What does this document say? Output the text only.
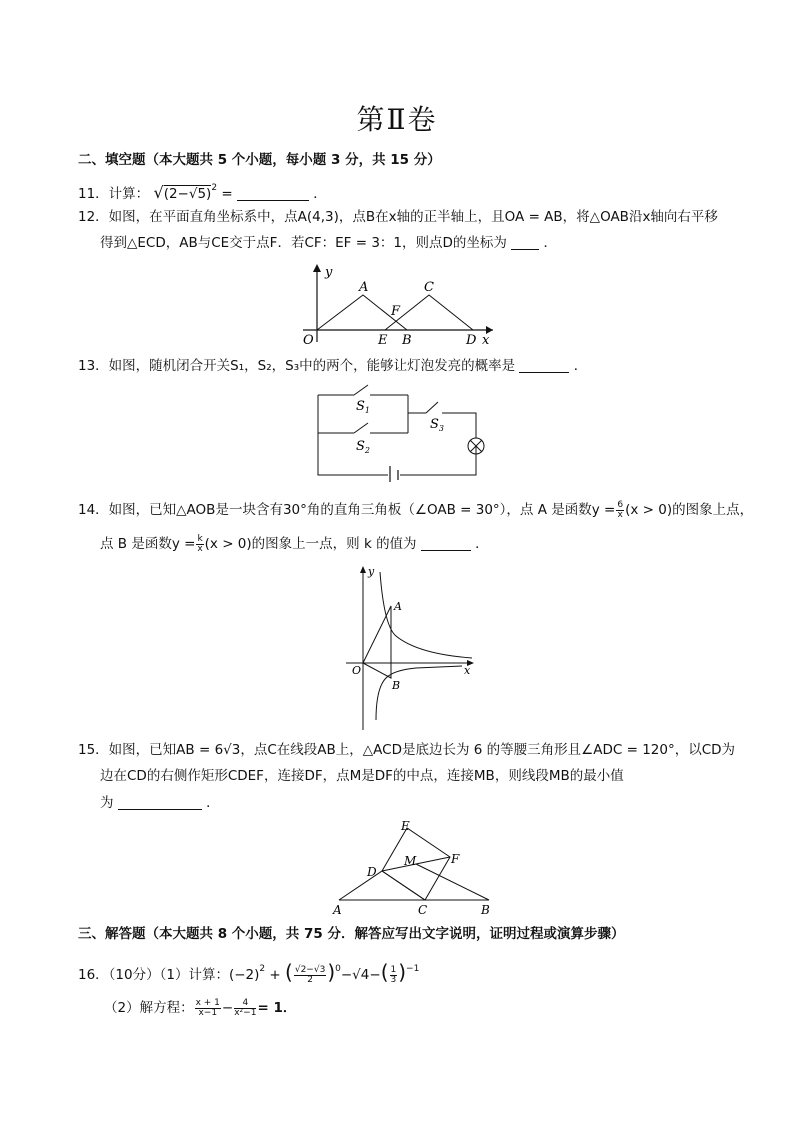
第Ⅱ卷
二、填空题（本大题共 5 个小题，每小题 3 分，共 15 分）
11．计算： $√(2-√5)^2$ =	．
12．如图，在平面直角坐标系中，点A(4,3)，点B在x轴的正半轴上，且OA = AB，将△OAB沿x轴向右平移
得到△ECD，AB与CE交于点F．若CF：EF = 3：1，则点D的坐标为	．
y
A	C
F
O	E B	D x
13．如图，随机闭合开关S₁，S₂，S₃中的两个，能够让灯泡发亮的概率是	．
$S_1$
$S_2$
$S_3$
14．如图，已知△AOB是一块含有30°角的直角三角板（∠OAB = 30°），点 A 是函数$y = \frac{6}{x} (x > 0)$的图象上点，
点 B 是函数$y = \frac{k}{x} (x > 0)$的图象上一点，则 k 的值为	．
y
A
O
B
x
15．如图，已知AB = 6√3，点C在线段AB上，△ACD是底边长为 6 的等腰三角形且∠ADC = 120°，以CD为
边在CD的右侧作矩形CDEF，连接DF，点M是DF的中点，连接MB，则线段MB的最小值
为	．
E
M	F
D
A	C	B
三、解答题（本大题共 8 个小题，共 75 分．解答应写出文字说明，证明过程或演算步骤）
16．（10分）（1）计算：$(-2)^2$ + ( $\frac{√2-√3}{2} )^0-√4-( \frac{1}{3} )^{-1}$
（2）解方程： $\frac{x + 1}{x-1} - \frac{4}{\text{x²−1}} = 1$．
